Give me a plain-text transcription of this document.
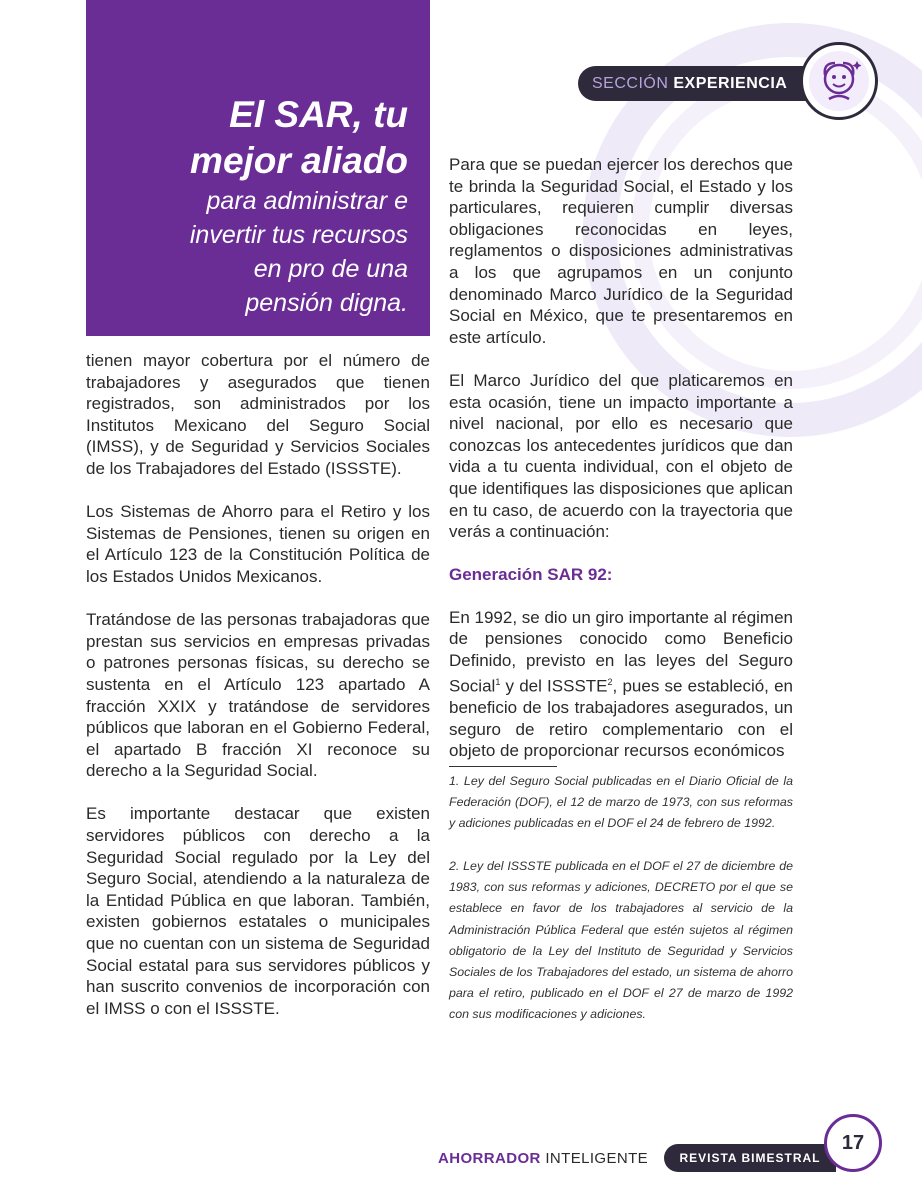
El SAR, tu
mejor aliado
para administrar e
invertir tus recursos
en pro de una
pensión digna.
SECCIÓN EXPERIENCIA

tienen mayor cobertura por el número de trabajadores y asegurados que tienen registrados, son administrados por los Institutos Mexicano del Seguro Social (IMSS), y de Seguridad y Servicios Sociales de los Trabajadores del Estado (ISSSTE).

Los Sistemas de Ahorro para el Retiro y los Sistemas de Pensiones, tienen su origen en el Artículo 123 de la Constitución Política de los Estados Unidos Mexicanos.

Tratándose de las personas trabajadoras que prestan sus servicios en empresas privadas o patrones personas físicas, su derecho se sustenta en el Artículo 123 apartado A fracción XXIX y tratándose de servidores públicos que laboran en el Gobierno Federal, el apartado B fracción XI reconoce su derecho a la Seguridad Social.

Es importante destacar que existen servidores públicos con derecho a la Seguridad Social regulado por la Ley del Seguro Social, atendiendo a la naturaleza de la Entidad Pública en que laboran. También, existen gobiernos estatales o municipales que no cuentan con un sistema de Seguridad Social estatal para sus servidores públicos y han suscrito convenios de incorporación con el IMSS o con el ISSSTE.

Para que se puedan ejercer los derechos que te brinda la Seguridad Social, el Estado y los particulares, requieren cumplir diversas obligaciones reconocidas en leyes, reglamentos o disposiciones administrativas a los que agrupamos en un conjunto denominado Marco Jurídico de la Seguridad Social en México, que te presentaremos en este artículo.

El Marco Jurídico del que platicaremos en esta ocasión, tiene un impacto importante a nivel nacional, por ello es necesario que conozcas los antecedentes jurídicos que dan vida a tu cuenta individual, con el objeto de que identifiques las disposiciones que aplican en tu caso, de acuerdo con la trayectoria que verás a continuación:

Generación SAR 92:

En 1992, se dio un giro importante al régimen de pensiones conocido como Beneficio Definido, previsto en las leyes del Seguro Social$^1$ y del ISSSTE$^2$, pues se estableció, en beneficio de los trabajadores asegurados, un seguro de retiro complementario con el objeto de proporcionar recursos económicos

1. Ley del Seguro Social publicadas en el Diario Oficial de la Federación (DOF), el 12 de marzo de 1973, con sus reformas y adiciones publicadas en el DOF el 24 de febrero de 1992.

2. Ley del ISSSTE publicada en el DOF el 27 de diciembre de 1983, con sus reformas y adiciones, DECRETO por el que se establece en favor de los trabajadores al servicio de la Administración Pública Federal que estén sujetos al régimen obligatorio de la Ley del Instituto de Seguridad y Servicios Sociales de los Trabajadores del estado, un sistema de ahorro para el retiro, publicado en el DOF el 27 de marzo de 1992 con sus modificaciones y adiciones.

AHORRADOR INTELIGENTE	REVISTA BIMESTRAL
17
